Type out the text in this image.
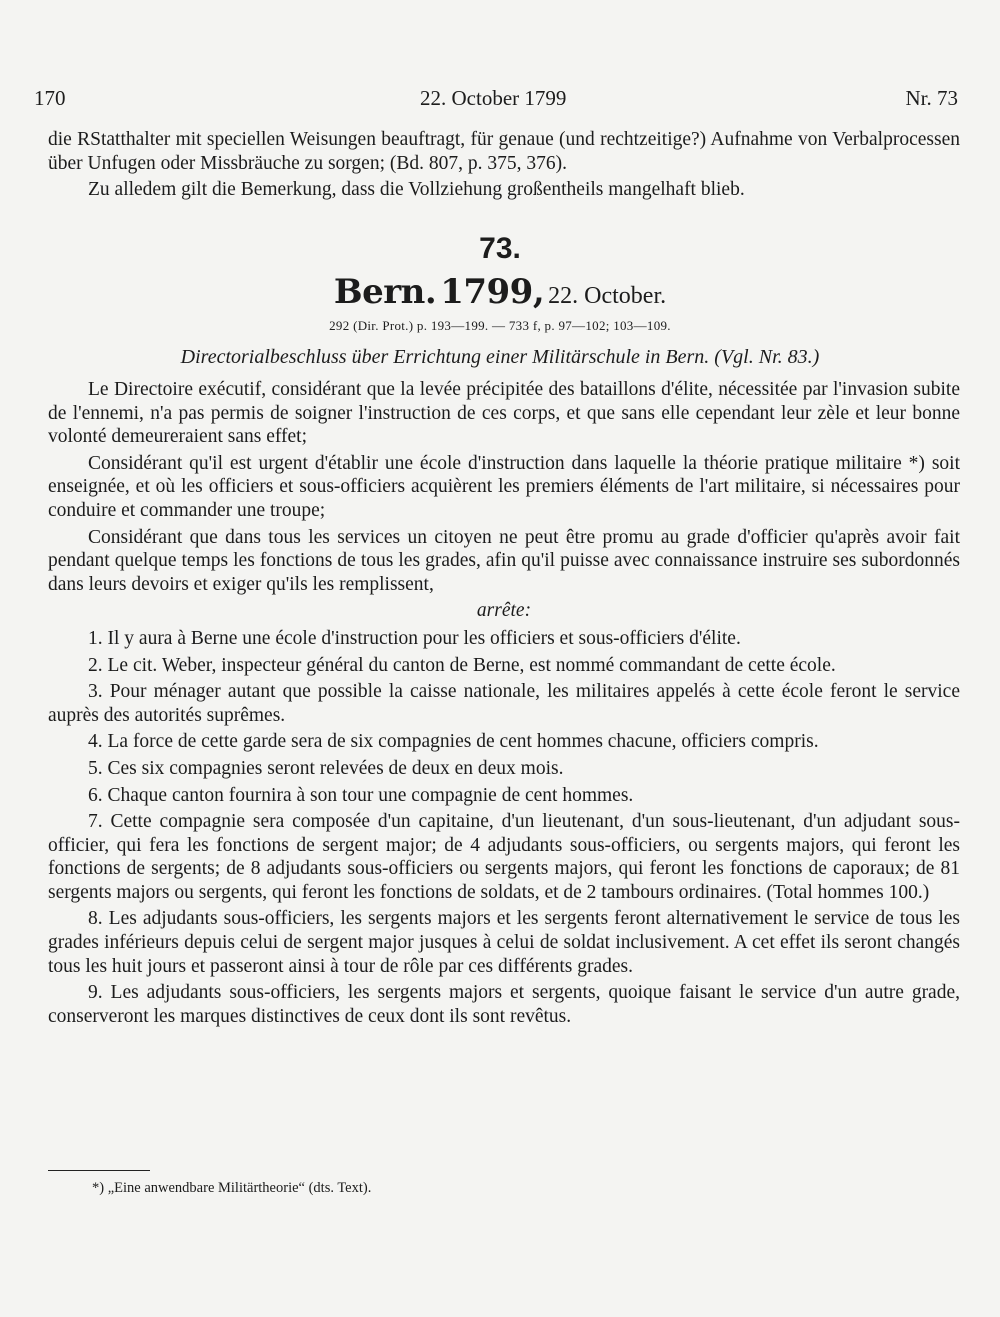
170	22. October 1799	Nr. 73

die RStatthalter mit speciellen Weisungen beauftragt, für genaue (und rechtzeitige?) Aufnahme von Verbalprocessen über Unfugen oder Missbräuche zu sorgen; (Bd. 807, p. 375, 376).

Zu alledem gilt die Bemerkung, dass die Vollziehung großentheils mangelhaft blieb.

73.
Bern. 1799, 22. October.
292 (Dir. Prot.) p. 193—199. — 733 f, p. 97—102; 103—109.
Directorialbeschluss über Errichtung einer Militärschule in Bern. (Vgl. Nr. 83.)

Le Directoire exécutif, considérant que la levée précipitée des bataillons d'élite, nécessitée par l'invasion subite de l'ennemi, n'a pas permis de soigner l'instruction de ces corps, et que sans elle cependant leur zèle et leur bonne volonté demeureraient sans effet;

Considérant qu'il est urgent d'établir une école d'instruction dans laquelle la théorie pratique militaire *) soit enseignée, et où les officiers et sous-officiers acquièrent les premiers éléments de l'art militaire, si nécessaires pour conduire et commander une troupe;

Considérant que dans tous les services un citoyen ne peut être promu au grade d'officier qu'après avoir fait pendant quelque temps les fonctions de tous les grades, afin qu'il puisse avec connaissance instruire ses subordonnés dans leurs devoirs et exiger qu'ils les remplissent,

arrête:

1. Il y aura à Berne une école d'instruction pour les officiers et sous-officiers d'élite.

2. Le cit. Weber, inspecteur général du canton de Berne, est nommé commandant de cette école.

3. Pour ménager autant que possible la caisse nationale, les militaires appelés à cette école feront le service auprès des autorités suprêmes.

4. La force de cette garde sera de six compagnies de cent hommes chacune, officiers compris.

5. Ces six compagnies seront relevées de deux en deux mois.

6. Chaque canton fournira à son tour une compagnie de cent hommes.

7. Cette compagnie sera composée d'un capitaine, d'un lieutenant, d'un sous-lieutenant, d'un adjudant sous-officier, qui fera les fonctions de sergent major; de 4 adjudants sous-officiers, ou sergents majors, qui feront les fonctions de sergents; de 8 adjudants sous-officiers ou sergents majors, qui feront les fonctions de caporaux; de 81 sergents majors ou sergents, qui feront les fonctions de soldats, et de 2 tambours ordinaires. (Total hommes 100.)

8. Les adjudants sous-officiers, les sergents majors et les sergents feront alternativement le service de tous les grades inférieurs depuis celui de sergent major jusques à celui de soldat inclusivement. A cet effet ils seront changés tous les huit jours et passeront ainsi à tour de rôle par ces différents grades.

9. Les adjudants sous-officiers, les sergents majors et sergents, quoique faisant le service d'un autre grade, conserveront les marques distinctives de ceux dont ils sont revêtus.

*) „Eine anwendbare Militärtheorie“ (dts. Text).
